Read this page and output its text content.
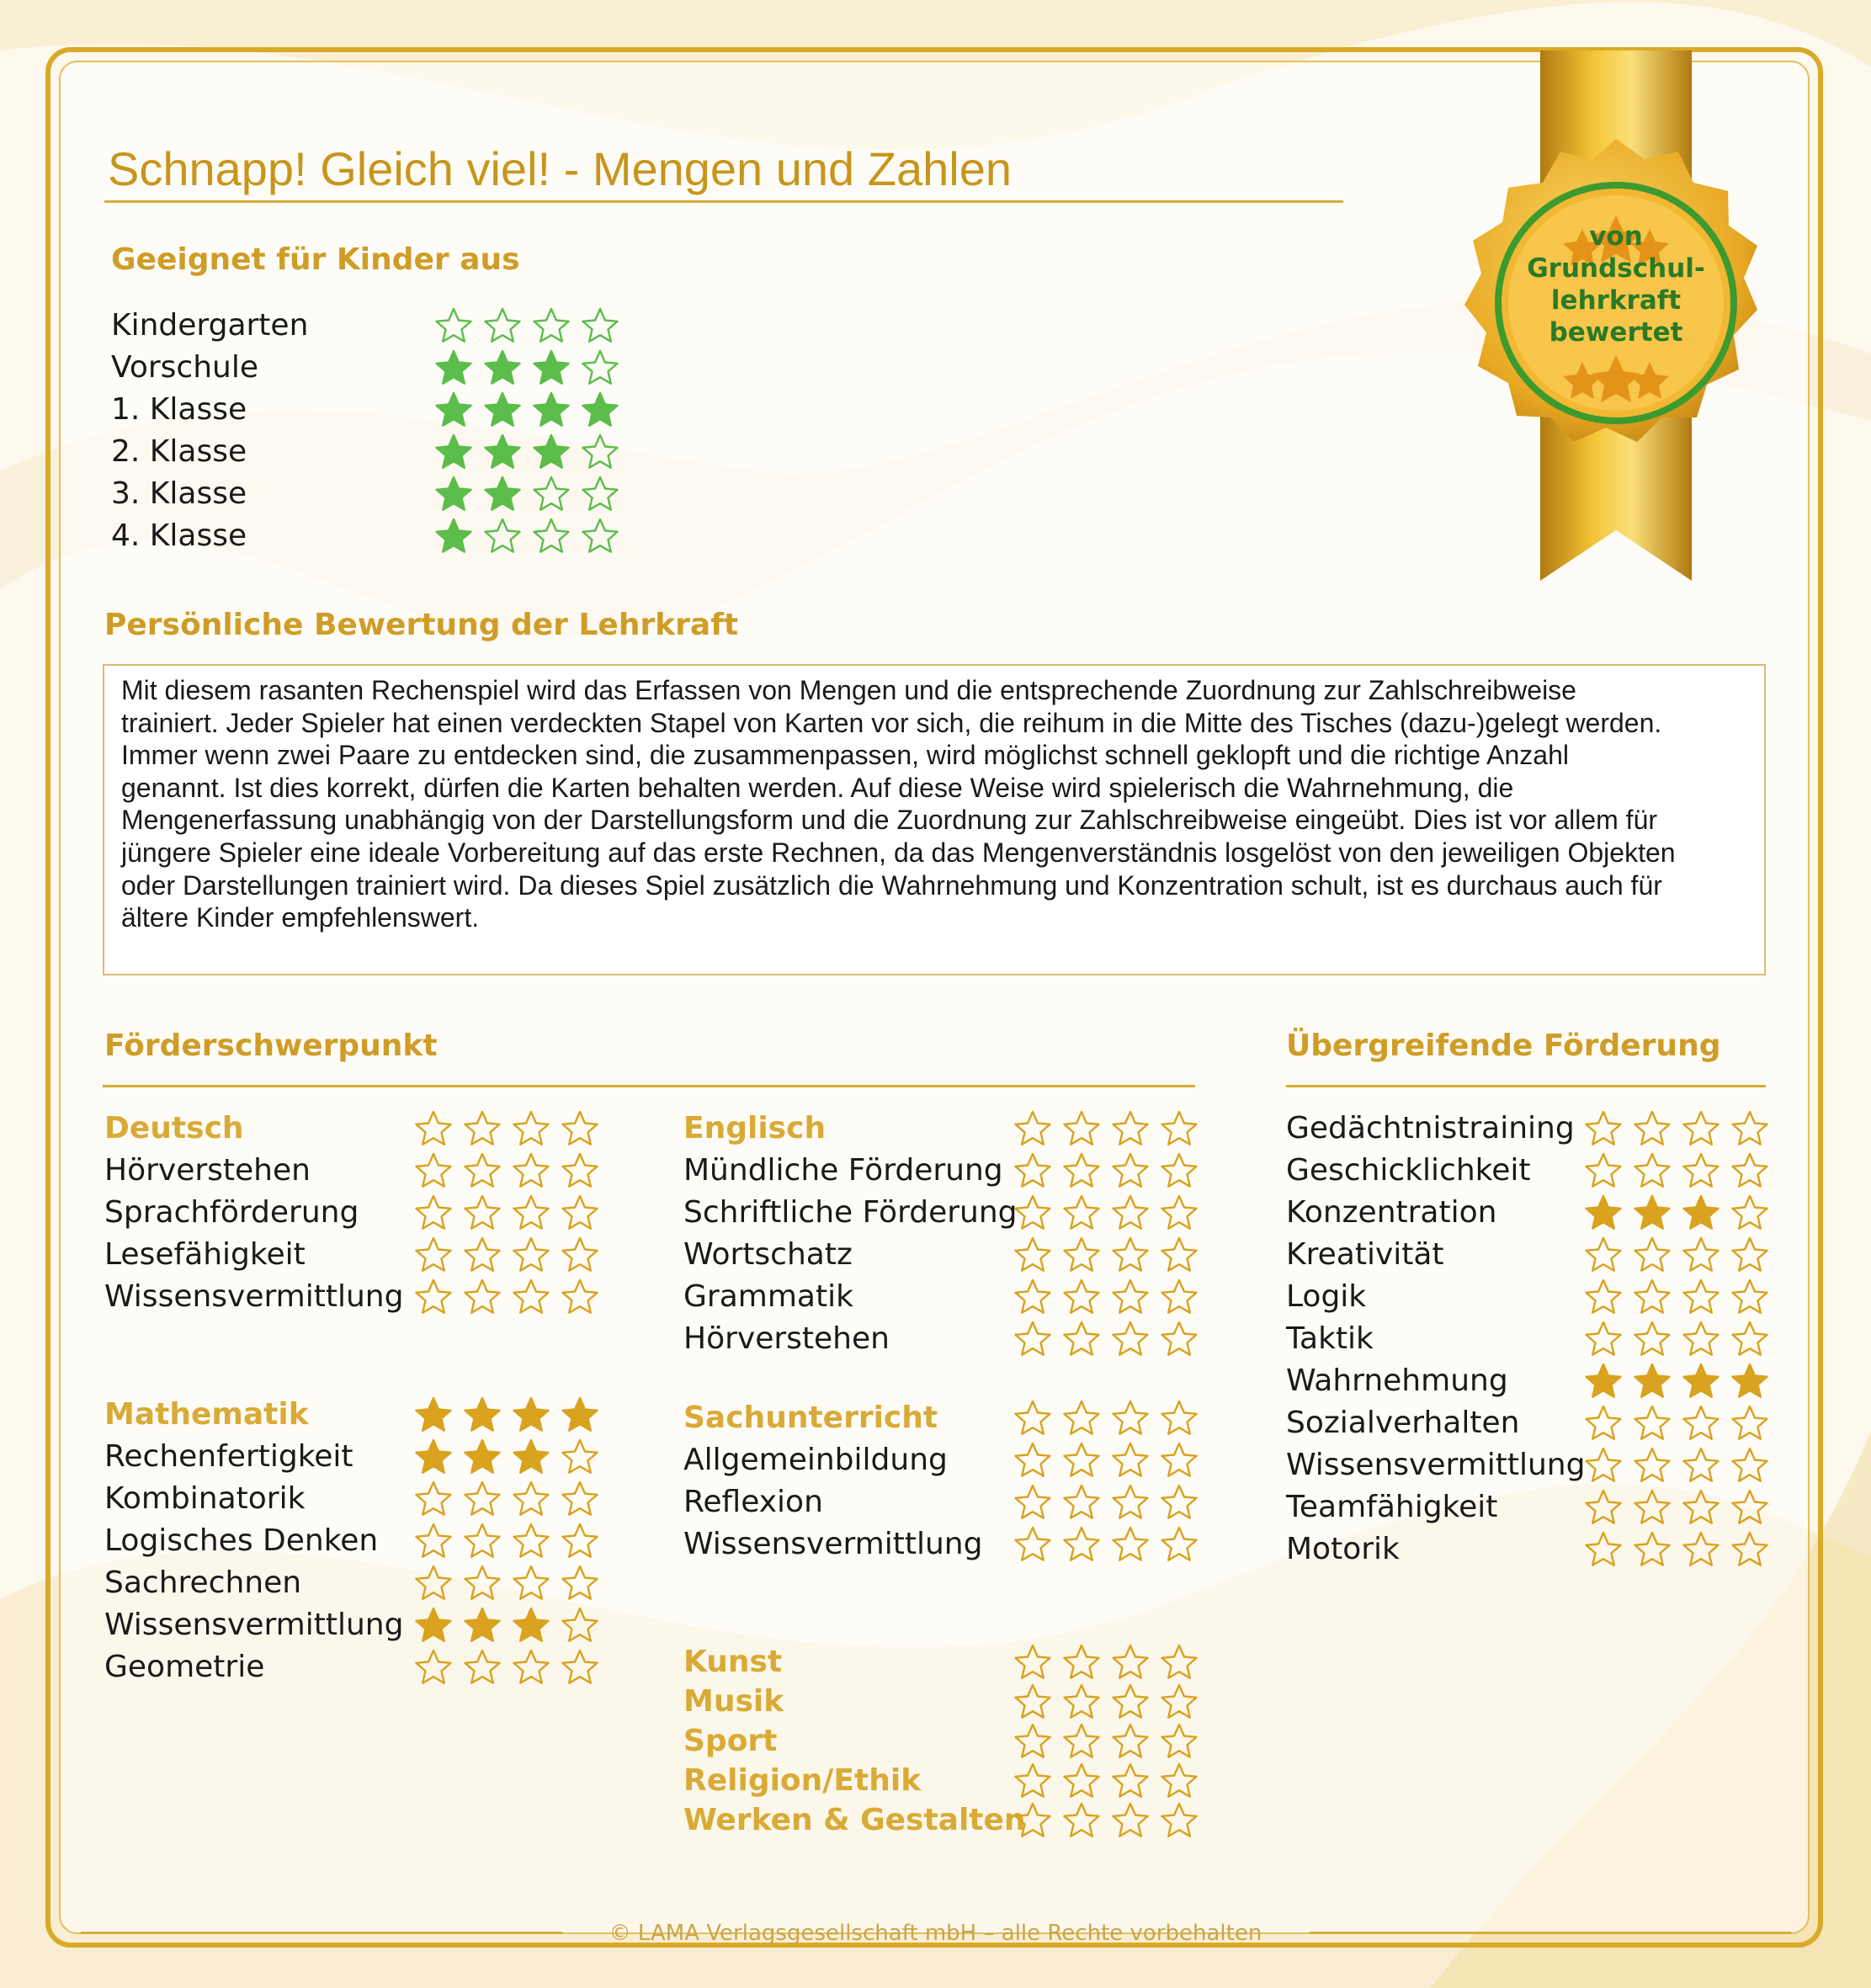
Schnapp! Gleich viel! - Mengen und Zahlen
von
Grundschul-
lehrkraft
bewertet
Geeignet für Kinder aus
Kindergarten
Vorschule
1. Klasse
2. Klasse
3. Klasse
4. Klasse
Persönliche Bewertung der Lehrkraft
Mit diesem rasanten Rechenspiel wird das Erfassen von Mengen und die entsprechende Zuordnung zur Zahlschreibweise
trainiert. Jeder Spieler hat einen verdeckten Stapel von Karten vor sich, die reihum in die Mitte des Tisches (dazu-)gelegt werden.
Immer wenn zwei Paare zu entdecken sind, die zusammenpassen, wird möglichst schnell geklopft und die richtige Anzahl
genannt. Ist dies korrekt, dürfen die Karten behalten werden. Auf diese Weise wird spielerisch die Wahrnehmung, die
Mengenerfassung unabhängig von der Darstellungsform und die Zuordnung zur Zahlschreibweise eingeübt. Dies ist vor allem für
jüngere Spieler eine ideale Vorbereitung auf das erste Rechnen, da das Mengenverständnis losgelöst von den jeweiligen Objekten
oder Darstellungen trainiert wird. Da dieses Spiel zusätzlich die Wahrnehmung und Konzentration schult, ist es durchaus auch für
ältere Kinder empfehlenswert.
Förderschwerpunkt	Übergreifende Förderung
Deutsch
Hörverstehen
Sprachförderung
Lesefähigkeit
Wissensvermittlung
Mathematik
Rechenfertigkeit
Kombinatorik
Logisches Denken
Sachrechnen
Wissensvermittlung
Geometrie
Englisch
Mündliche Förderung
Schriftliche Förderung
Wortschatz
Grammatik
Hörverstehen
Sachunterricht
Allgemeinbildung
Reflexion
Wissensvermittlung
Kunst
Musik
Sport
Religion/Ethik
Werken & Gestalten
Gedächtnistraining
Geschicklichkeit
Konzentration
Kreativität
Logik
Taktik
Wahrnehmung
Sozialverhalten
Wissensvermittlung
Teamfähigkeit
Motorik
© LAMA Verlagsgesellschaft mbH – alle Rechte vorbehalten
